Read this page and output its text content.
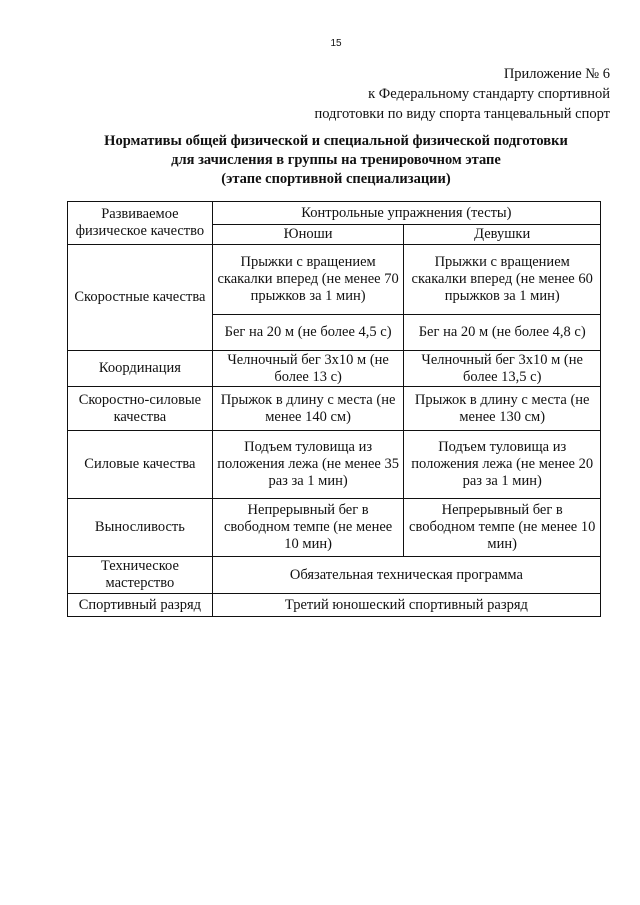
15
Приложение № 6
к Федеральному стандарту спортивной
подготовки по виду спорта танцевальный спорт
Нормативы общей физической и специальной физической подготовки
для зачисления в группы на тренировочном этапе
(этапе спортивной специализации)
Развиваемое физическое качество	Контрольные упражнения (тесты)	
	Юноши	Девушки
Скоростные качества	Прыжки с вращением скакалки вперед (не менее 70 прыжков за 1 мин)	Прыжки с вращением скакалки вперед (не менее 60 прыжков за 1 мин)
	Бег на 20 м (не более 4,5 с)	Бег на 20 м (не более 4,8 с)
Координация	Челночный бег 3х10 м (не более 13 с)	Челночный бег 3х10 м (не более 13,5 с)
Скоростно-силовые качества	Прыжок в длину с места (не менее 140 см)	Прыжок в длину с места (не менее 130 см)
Силовые качества	Подъем туловища из положения лежа (не менее 35 раз за 1 мин)	Подъем туловища из положения лежа (не менее 20 раз за 1 мин)
Выносливость	Непрерывный бег в свободном темпе (не менее 10 мин)	Непрерывный бег в свободном темпе (не менее 10 мин)
Техническое мастерство	Обязательная техническая программа	
Спортивный разряд	Третий юношеский спортивный разряд	
